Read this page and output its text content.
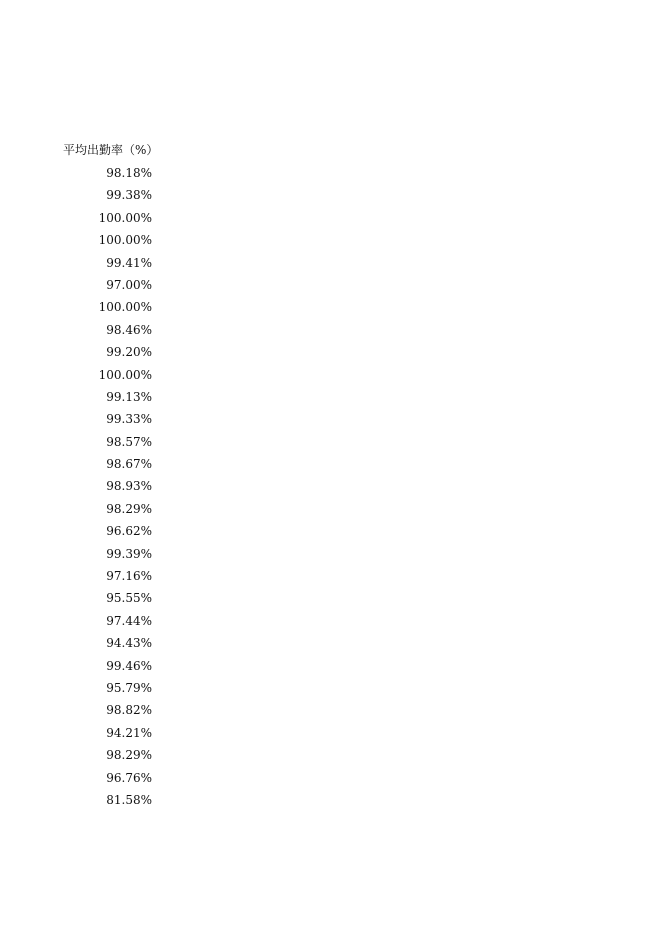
平均出勤率（%）
98.18%
99.38%
100.00%
100.00%
99.41%
97.00%
100.00%
98.46%
99.20%
100.00%
99.13%
99.33%
98.57%
98.67%
98.93%
98.29%
96.62%
99.39%
97.16%
95.55%
97.44%
94.43%
99.46%
95.79%
98.82%
94.21%
98.29%
96.76%
81.58%
